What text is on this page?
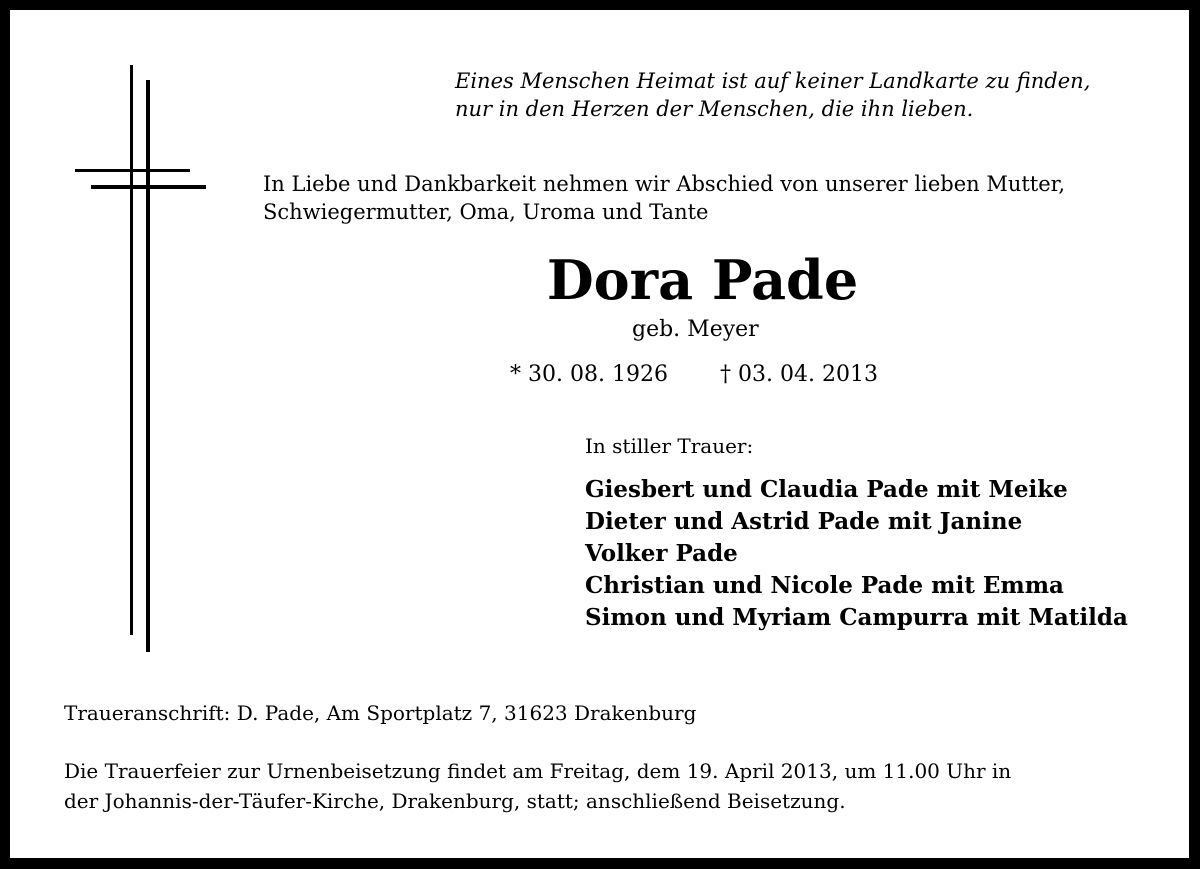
Eines Menschen Heimat ist auf keiner Landkarte zu finden,

nur in den Herzen der Menschen, die ihn lieben.

In Liebe und Dankbarkeit nehmen wir Abschied von unserer lieben Mutter,

Schwiegermutter, Oma, Uroma und Tante

Dora Pade

geb. Meyer

* 30. 08. 1926 † 03. 04. 2013

In stiller Trauer:

Giesbert und Claudia Pade mit Meike

Dieter und Astrid Pade mit Janine

Volker Pade

Christian und Nicole Pade mit Emma

Simon und Myriam Campurra mit Matilda

Traueranschrift: D. Pade, Am Sportplatz 7, 31623 Drakenburg

Die Trauerfeier zur Urnenbeisetzung findet am Freitag, dem 19. April 2013, um 11.00 Uhr in

der Johannis-der-Täufer-Kirche, Drakenburg, statt; anschließend Beisetzung.
